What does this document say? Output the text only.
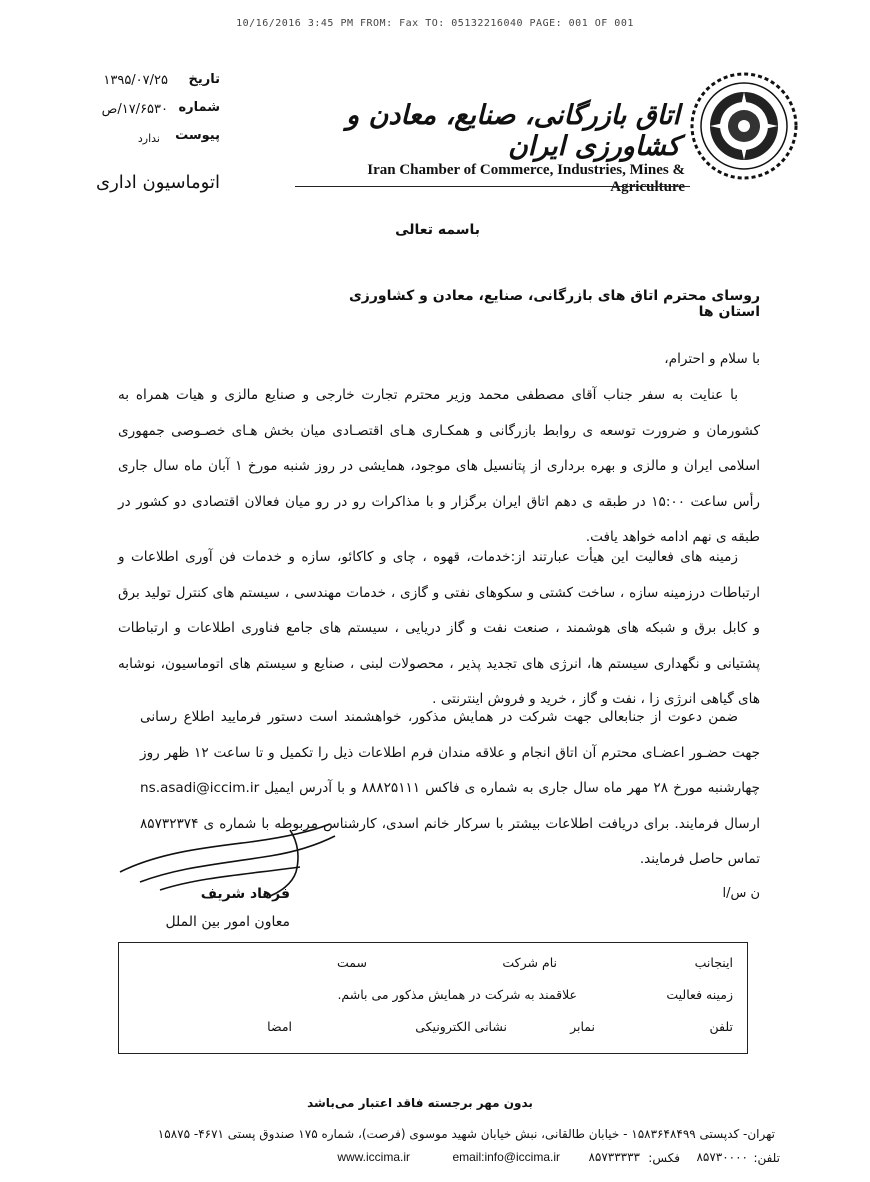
10/16/2016 3:45 PM FROM: Fax TO: 05132216040 PAGE: 001 OF 001
تاریخ
۱۳۹۵/۰۷/۲۵
شماره
۱۷/۶۵۳۰/ص
پیوست
ندارد
اتوماسیون اداری
اتاق بازرگانی، صنایع، معادن و کشاورزی ایران
Iran Chamber of Commerce, Industries, Mines & Agriculture
باسمه تعالی
روسای محترم اتاق های بازرگانی، صنایع، معادن و کشاورزی استان ها
با سلام و احترام،
با عنایت به سفر جناب آقای مصطفی محمد وزیر محترم تجارت خارجی و صنایع مالزی و هیات همراه به کشورمان و ضرورت توسعه ی روابط بازرگانی و همکـاری هـای اقتصـادی میان بخش هـای خصـوصی جمهوری اسلامی ایران و مالزی و بهره برداری از پتانسیل های موجود، همایشی در روز شنبه مورخ ۱ آبان ماه سال جاری رأس ساعت ۱۵:۰۰ در طبقه ی دهم اتاق ایران برگزار و با مذاکرات رو در رو میان فعالان اقتصادی دو کشور در طبقه ی نهم ادامه خواهد یافت.
زمینه های فعالیت این هیأت عبارتند از:خدمات، قهوه ، چای و کاکائو، سازه و خدمات فن آوری اطلاعات و ارتباطات درزمینه سازه ، ساخت کشتی و سکوهای نفتی و گازی ، خدمات مهندسی ، سیستم های کنترل تولید برق و کابل برق و شبکه های هوشمند ، صنعت نفت و گاز دریایی ، سیستم های جامع فناوری اطلاعات و ارتباطات پشتیانی و نگهداری سیستم ها، انرژی های تجدید پذیر ، محصولات لبنی ، صنایع و سیستم های اتوماسیون، نوشابه های گیاهی انرژی زا ، نفت و گاز ، خرید و فروش اینترنتی .
ضمن دعوت از جنابعالی جهت شرکت در همایش مذکور، خواهشمند است دستور فرمایید اطلاع رسانی جهت حضـور اعضـای محترم آن اتاق انجام و علاقه مندان فرم اطلاعات ذیل را تکمیل و تا ساعت ۱۲ ظهر روز چهارشنبه مورخ ۲۸ مهر ماه سال جاری به شماره ی فاکس ۸۸۸۲۵۱۱۱ و با آدرس ایمیل ns.asadi@iccim.ir ارسال فرمایند. برای دریافت اطلاعات بیشتر با سرکار خانم اسدی، کارشناس مربوطه با شماره ی ۸۵۷۳۲۳۷۴ تماس حاصل فرمایند.
فرهاد شریف
معاون امور بین الملل
ن س/ا
اینجانب
نام شرکت
سمت
زمینه فعالیت
علاقمند به شرکت در همایش مذکور می باشم.
تلفن
نمابر
نشانی الکترونیکی
امضا
بدون مهر برجسته فاقد اعتبار می‌باشد
تهران- کدپستی ۱۵۸۳۶۴۸۴۹۹ - خیابان طالقانی، نبش خیابان شهید موسوی (فرصت)، شماره ۱۷۵ صندوق پستی ۴۶۷۱- ۱۵۸۷۵
تلفن:
۸۵۷۳۰۰۰۰
فکس:
۸۵۷۳۳۳۳۳
email:info@iccima.ir
www.iccima.ir
